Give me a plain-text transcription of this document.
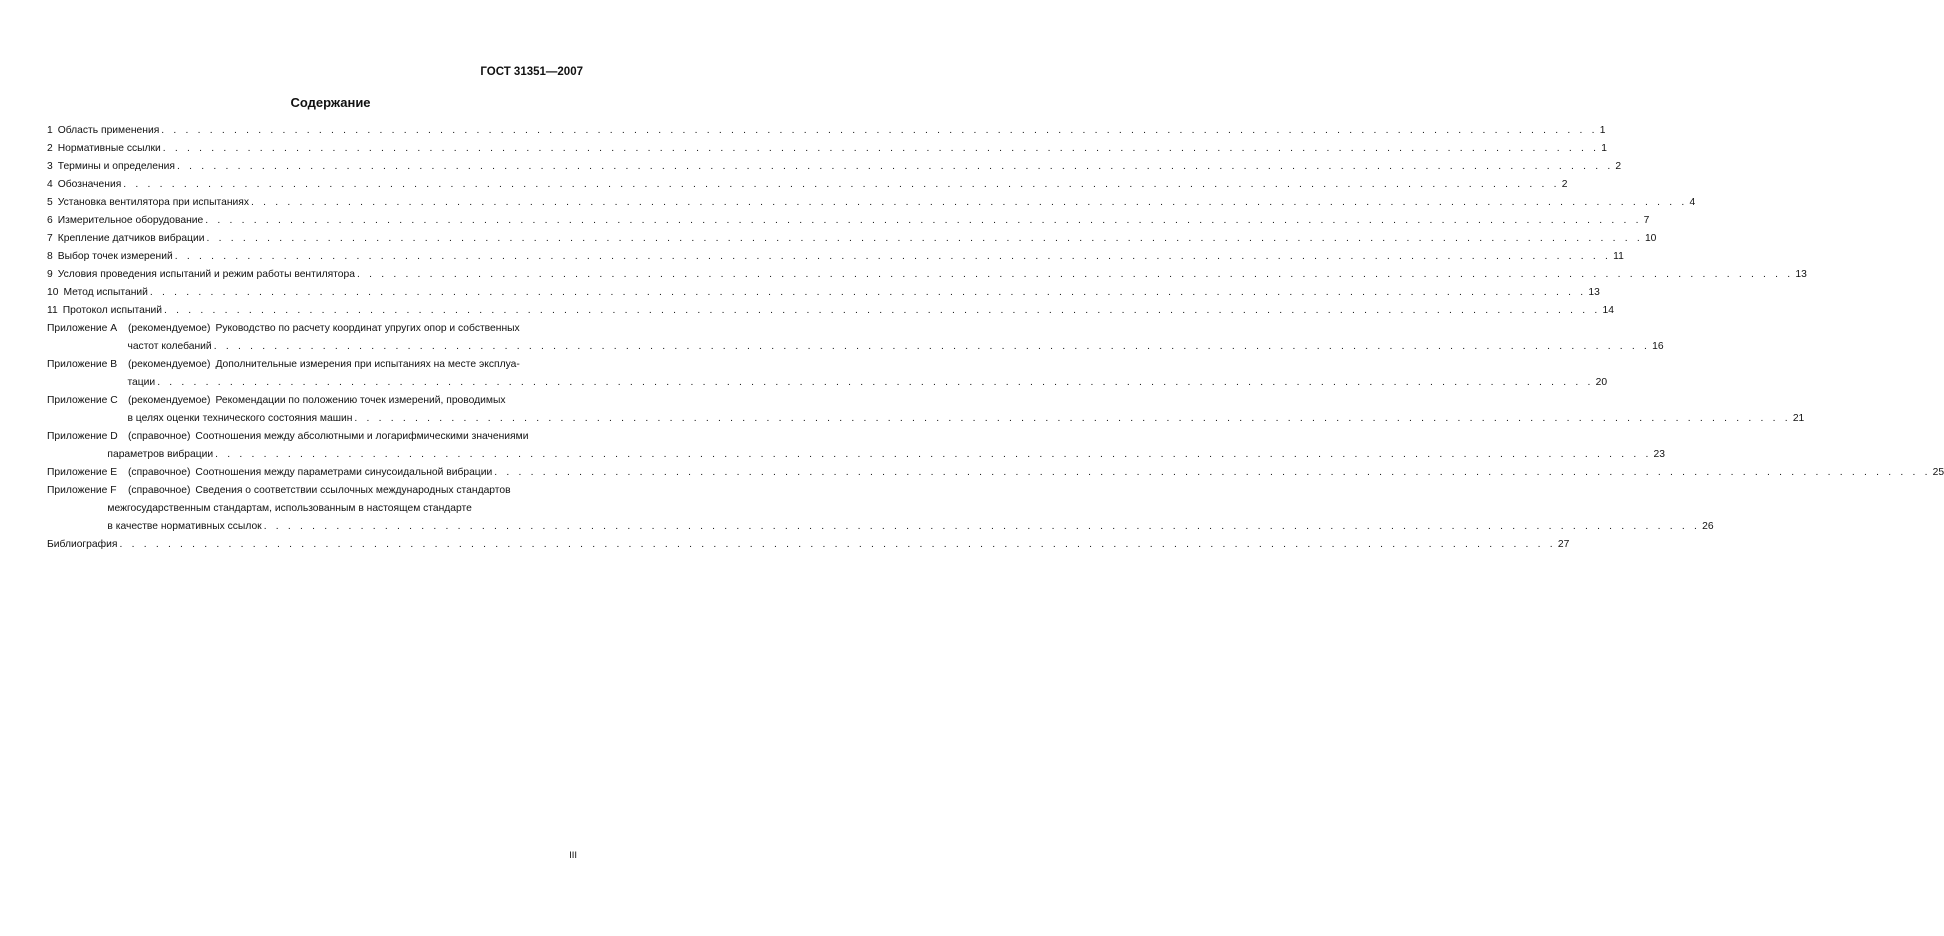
ГОСТ 31351—2007
Содержание
1 Область применения . . .	1
2 Нормативные ссылки . . .	1
3 Термины и определения . . .	2
4 Обозначения . . .	2
5 Установка вентилятора при испытаниях . . .	4
6 Измерительное оборудование . . .	7
7 Крепление датчиков вибрации . . .	10
8 Выбор точек измерений . . .	11
9 Условия проведения испытаний и режим работы вентилятора . . .	13
10 Метод испытаний . . .	13
11 Протокол испытаний . . .	14
Приложение А	(рекомендуемое) Руководство по расчету координат упругих опор и собственных
частот колебаний . . .	16
Приложение В	(рекомендуемое) Дополнительные измерения при испытаниях на месте эксплуа-
тации . . .	20
Приложение С (рекомендуемое) Рекомендации по положению точек измерений, проводимых
в целях оценки технического состояния машин . . .	21
Приложение D (справочное) Соотношения между абсолютными и логарифмическими значениями
параметров вибрации . . .	23
Приложение Е	(справочное) Соотношения между параметрами синусоидальной вибрации . . .	25
Приложение F	(справочное) Сведения о соответствии ссылочных международных стандартов
межгосударственным стандартам, использованным в настоящем стандарте
в качестве нормативных ссылок . . .	26
Библиография . . .	27
III
